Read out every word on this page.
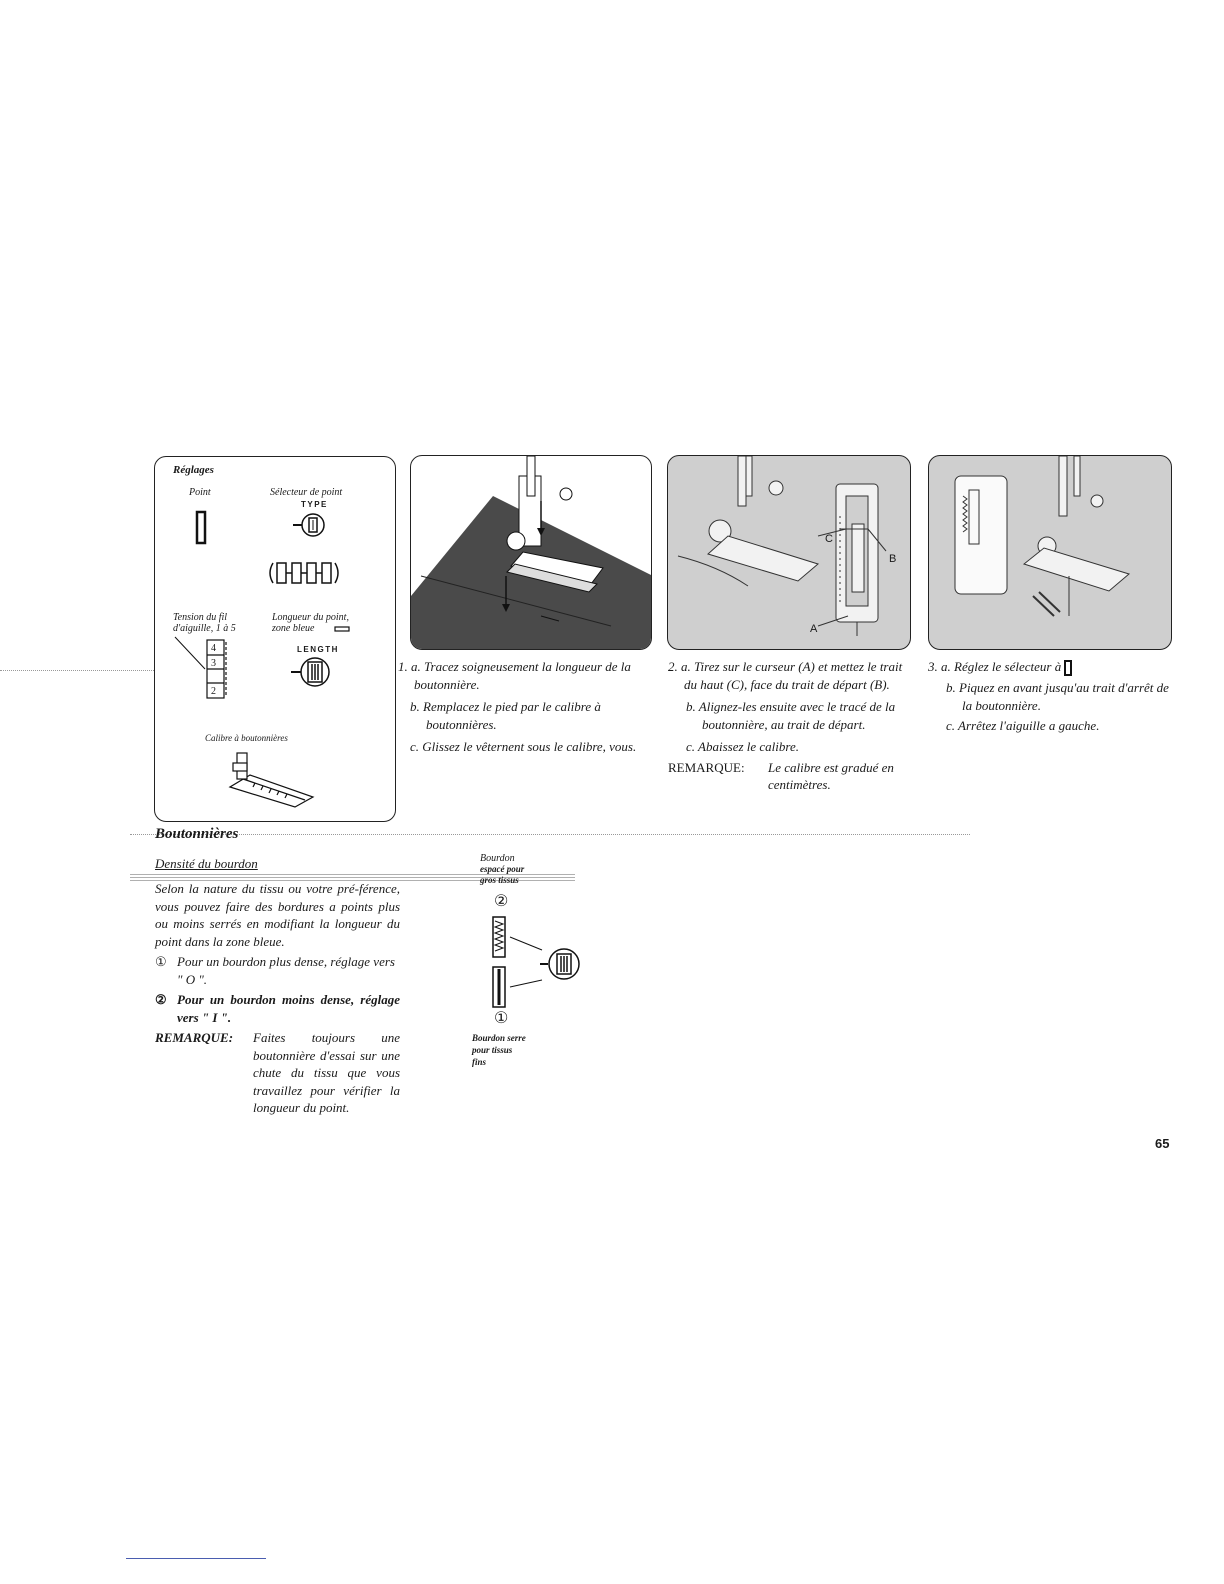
Réglages
Point	Sélecteur de point
TYPE
Tension du fil
d'aiguille, 1 à 5
Longueur du point,
zone bleue
LENGTH
4
3
2
Calibre à boutonnières
C
B
A

1. a. Tracez soigneusement la longueur de la boutonnière.

b. Remplacez le pied par le calibre à boutonnières.

c. Glissez le vêternent sous le calibre, vous.

2. a. Tirez sur le curseur (A) et mettez le trait du haut (C), face du trait de départ (B).

b. Alignez-les ensuite avec le tracé de la boutonnière, au trait de départ.

c. Abaissez le calibre.

REMARQUE:	Le calibre est gradué en centimètres.

3. a. Réglez le sélecteur à

b. Piquez en avant jusqu'au trait d'arrêt de la boutonnière.

c. Arrêtez l'aiguille a gauche.

Boutonnières
Densité du bourdon

Selon la nature du tissu ou votre pré-férence, vous pouvez faire des bordures a points plus ou moins serrés en modifiant la longueur du point dans la zone bleue.

① Pour un bourdon plus dense, réglage vers " O ".

② Pour un bourdon moins dense, réglage vers " I ".

REMARQUE:	Faites toujours une boutonnière d'essai sur une chute du tissu que vous travaillez pour vérifier la longueur du point.
Bourdon
espacé pour
gros tissus
②
①
Bourdon serre
pour tissus
fins
65
